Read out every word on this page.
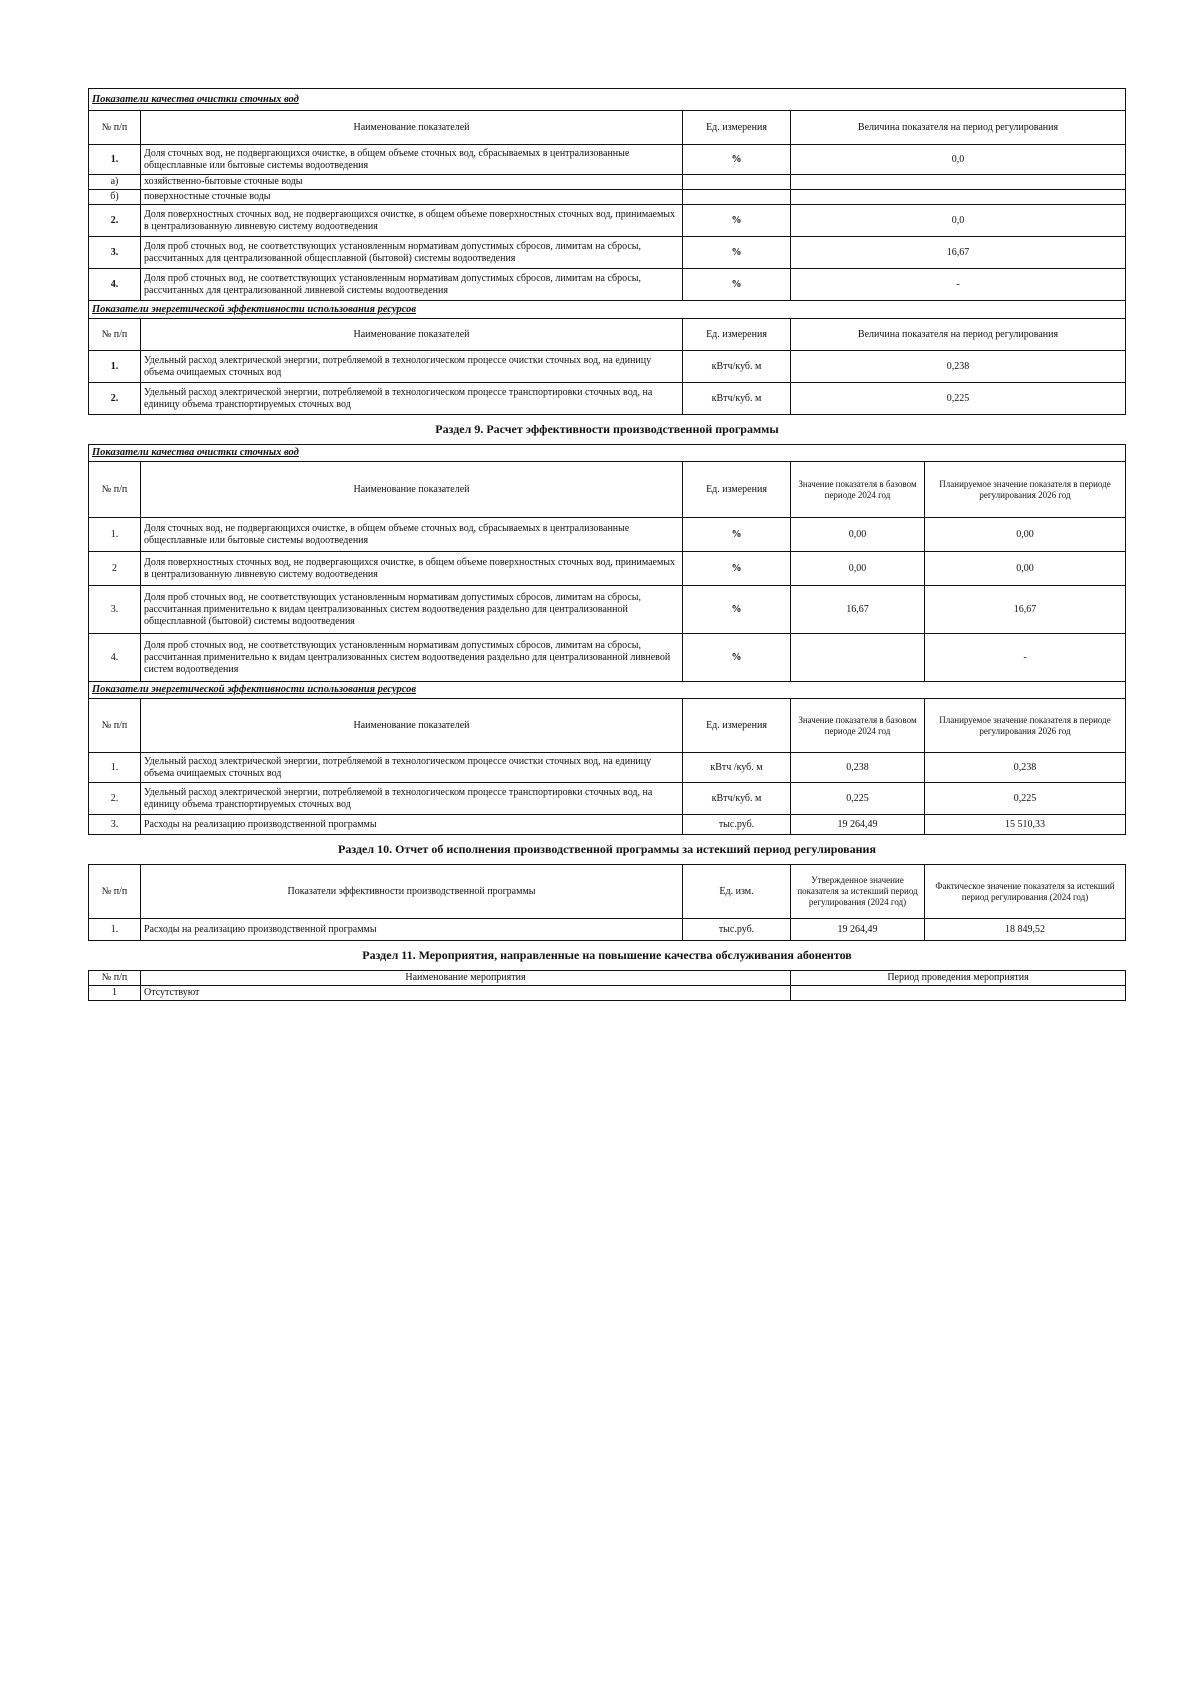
Показатели качества очистки сточных вод			
№ п/п	Наименование показателей	Ед. измерения	Величина показателя на период регулирования
1.	Доля сточных вод, не подвергающихся очистке, в общем объеме сточных вод, сбрасываемых в централизованные общесплавные или бытовые системы водоотведения	%	0,0
а)	хозяйственно-бытовые сточные воды		
б)	поверхностные сточные воды		
2.	Доля поверхностных сточных вод, не подвергающихся очистке, в общем объеме поверхностных сточных вод, принимаемых в централизованную ливневую систему водоотведения	%	0,0
3.	Доля проб сточных вод, не соответствующих установленным нормативам допустимых сбросов, лимитам на сбросы, рассчитанных для централизованной общесплавной (бытовой) системы водоотведения	%	16,67
4.	Доля проб сточных вод, не соответствующих установленным нормативам допустимых сбросов, лимитам на сбросы, рассчитанных для централизованной ливневой системы водоотведения	%	-
Показатели энергетической эффективности использования ресурсов			
№ п/п	Наименование показателей	Ед. измерения	Величина показателя на период регулирования
1.	Удельный расход электрической энергии, потребляемой в технологическом процессе очистки сточных вод, на единицу объема очищаемых сточных вод	кВтч/куб. м	0,238
2.	Удельный расход электрической энергии, потребляемой в технологическом процессе транспортировки сточных вод, на единицу объема транспортируемых сточных вод	кВтч/куб. м	0,225
Раздел 9. Расчет эффективности производственной программы
Показатели качества очистки сточных вод				
№ п/п	Наименование показателей	Ед. измерения	Значение показателя в базовом периоде 2024 год	Планируемое значение показателя в периоде регулирования 2026 год
1.	Доля сточных вод, не подвергающихся очистке, в общем объеме сточных вод, сбрасываемых в централизованные общесплавные или бытовые системы водоотведения	%	0,00	0,00
2	Доля поверхностных сточных вод, не подвергающихся очистке, в общем объеме поверхностных сточных вод, принимаемых в централизованную ливневую систему водоотведения	%	0,00	0,00
3.	Доля проб сточных вод, не соответствующих установленным нормативам допустимых сбросов, лимитам на сбросы, рассчитанная применительно к видам централизованных систем водоотведения раздельно для централизованной общесплавной (бытовой) системы водоотведения	%	16,67	16,67
4.	Доля проб сточных вод, не соответствующих установленным нормативам допустимых сбросов, лимитам на сбросы, рассчитанная применительно к видам централизованных систем водоотведения раздельно для централизованной ливневой систем водоотведения	%		-
Показатели энергетической эффективности использования ресурсов				
№ п/п	Наименование показателей	Ед. измерения	Значение показателя в базовом периоде 2024 год	Планируемое значение показателя в периоде регулирования 2026 год
1.	Удельный расход электрической энергии, потребляемой в технологическом процессе очистки сточных вод, на единицу объема очищаемых сточных вод	кВтч /куб. м	0,238	0,238
2.	Удельный расход электрической энергии, потребляемой в технологическом процессе транспортировки сточных вод, на единицу объема транспортируемых сточных вод	кВтч/куб. м	0,225	0,225
3.	Расходы на реализацию производственной программы	тыс.руб.	19 264,49	15 510,33
Раздел 10. Отчет об исполнения производственной программы за истекший период регулирования
№ п/п	Показатели эффективности производственной программы	Ед. изм.	Утвержденное значение показателя за истекший период регулирования (2024 год)	Фактическое значение показателя за истекший период регулирования (2024 год)
1.	Расходы на реализацию производственной программы	тыс.руб.	19 264,49	18 849,52
Раздел 11. Мероприятия, направленные на повышение качества обслуживания абонентов
№ п/п	Наименование мероприятия	Период проведения мероприятия
1	Отсутствуют	
